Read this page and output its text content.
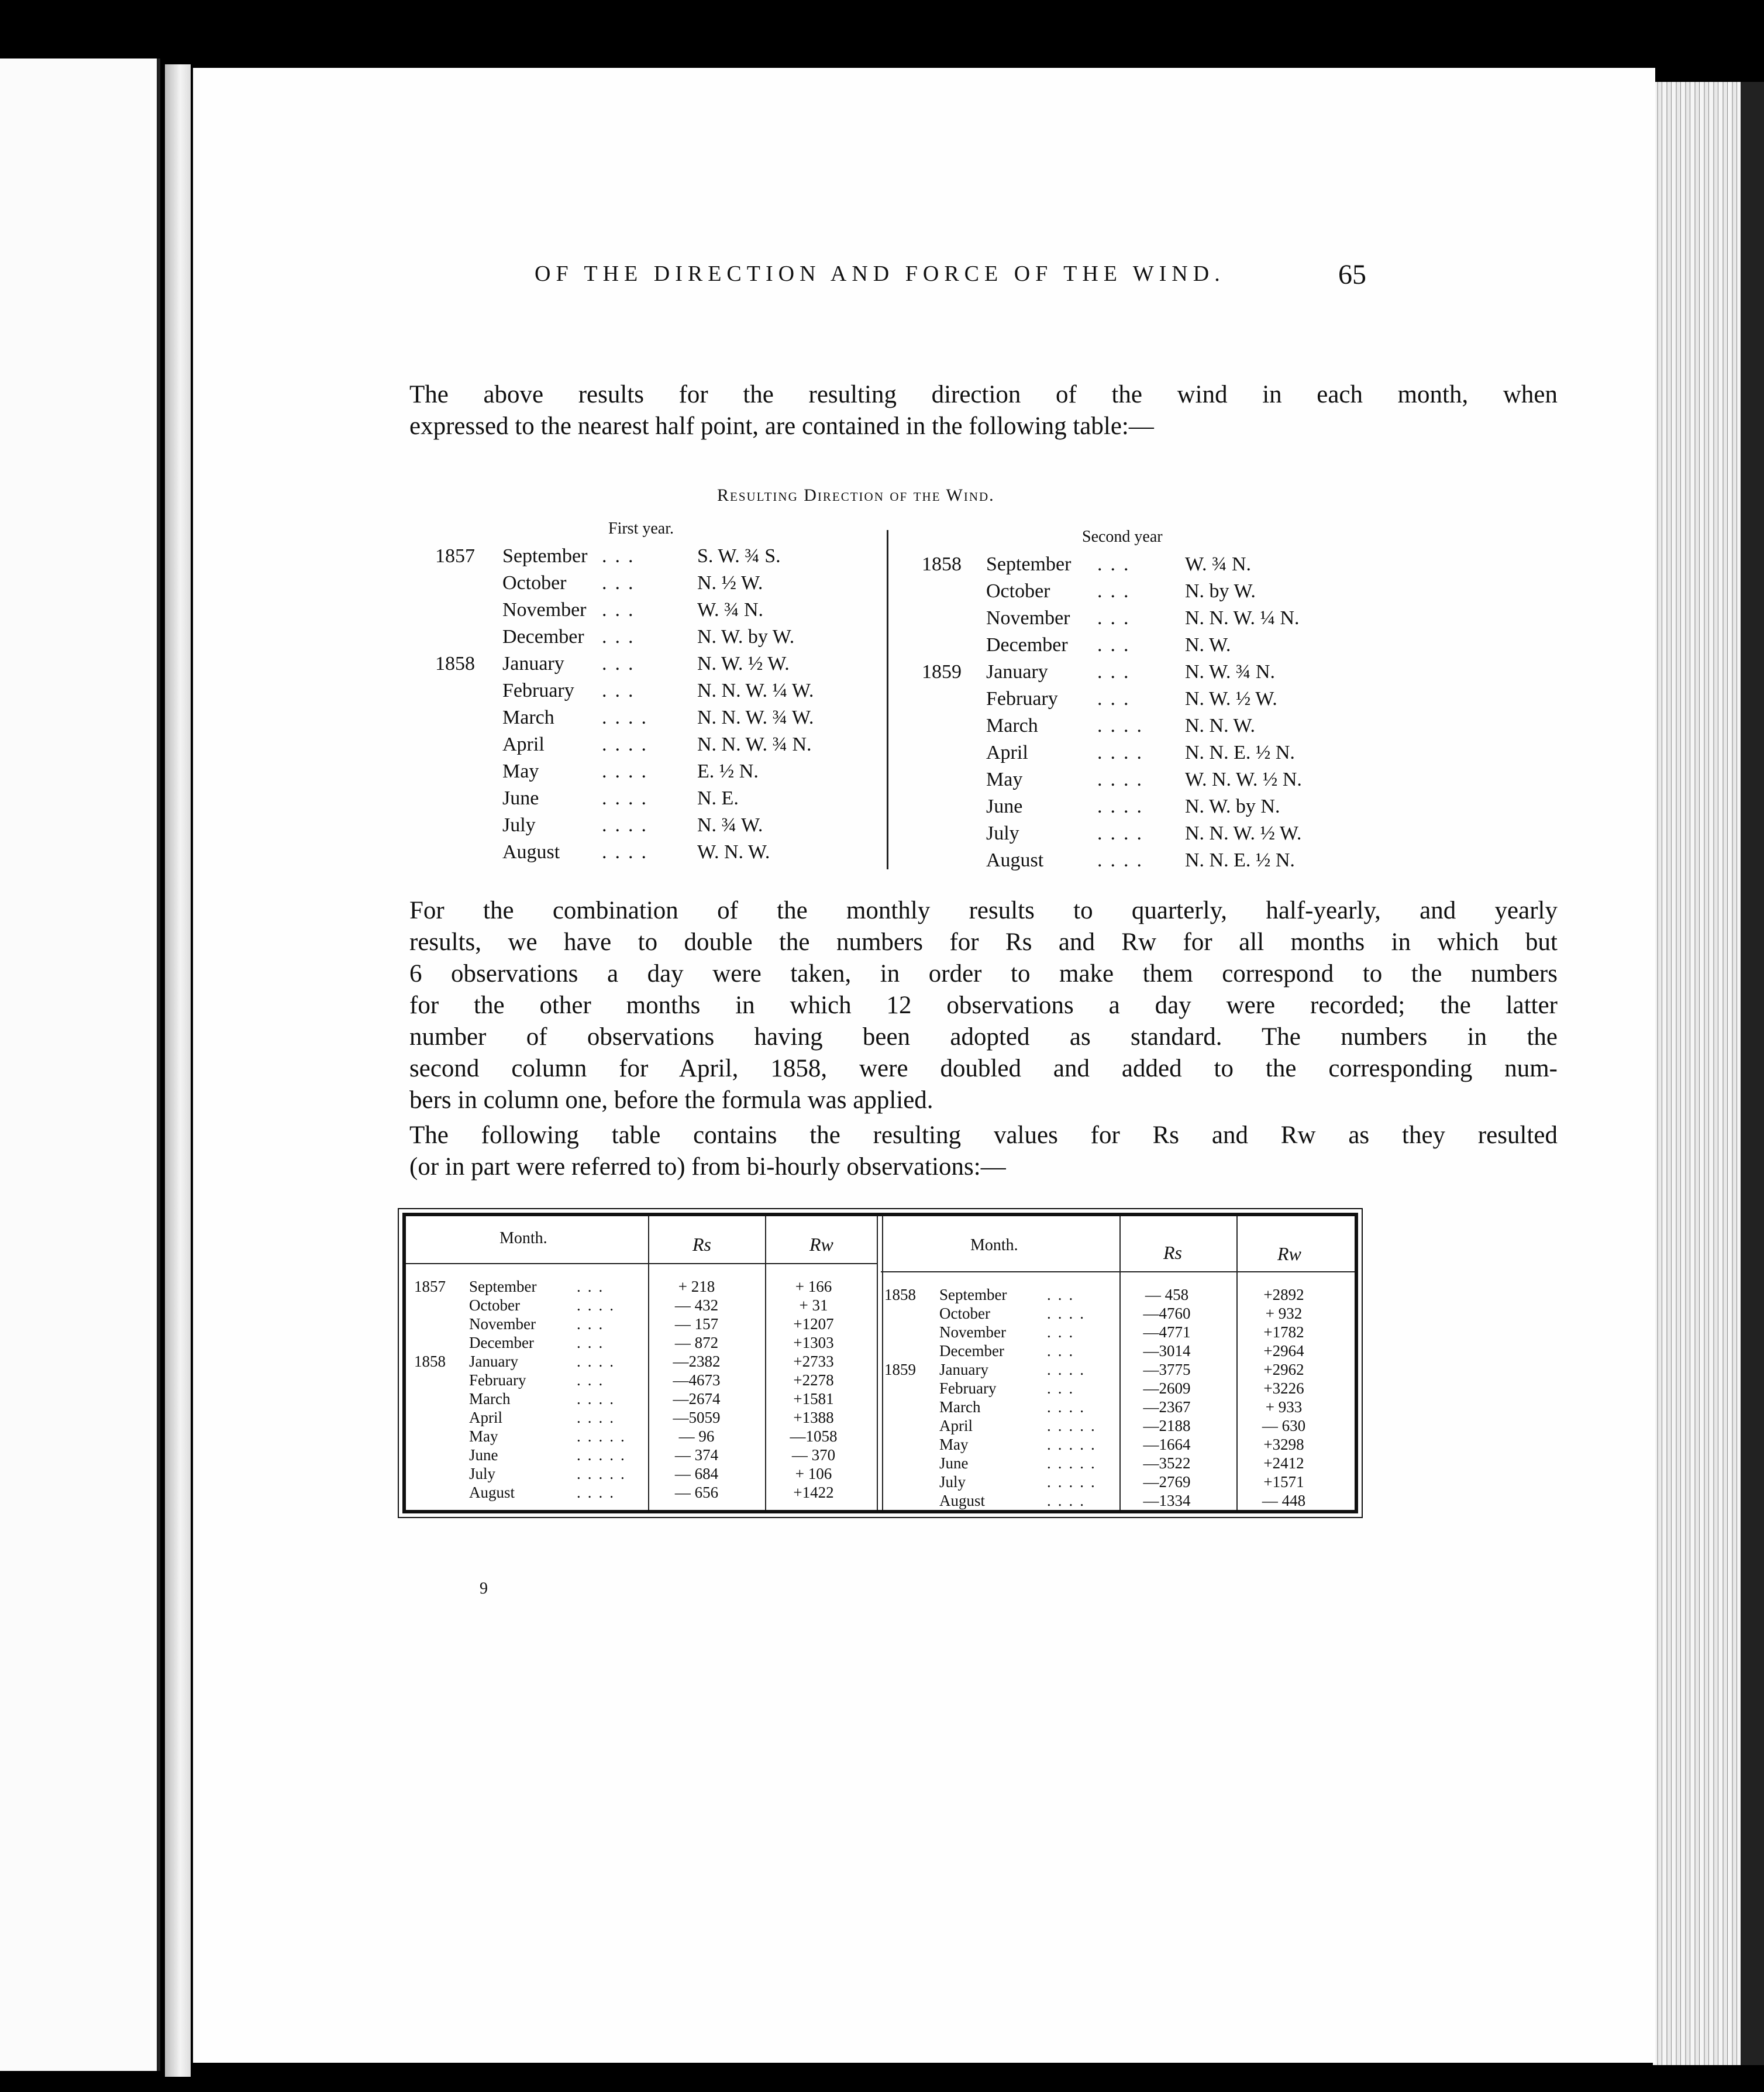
OF THE DIRECTION AND FORCE OF THE WIND.	65

The above results for the resulting direction of the wind in each month, when
expressed to the nearest half point, are contained in the following table:—

Resulting Direction of the Wind.
First year.	Second year
1857 September ...	S. W. ¾ S.
October ...	N. ½ W.
November ...	W. ¾ N.
December ...	N. W. by W.
1858 January ...	N. W. ½ W.
February ...	N. N. W. ¼ W.
March .... N. N. W. ¾ W.
April	.... N. N. W. ¾ N.
May	.... E. ½ N.
June	.... N. E.
July	.... N. ¾ W.
August .... W. N. W.
1858 September ... W. ¾ N.
October ... N. by W.
November ... N. N. W. ¼ N.
December ... N. W.
1859 January ... N. W. ¾ N.
February ... N. W. ½ W.
March	.... N. N. W.
April	.... N. N. E. ½ N.
May	.... W. N. W. ½ N.
June	.... N. W. by N.
July	.... N. N. W. ½ W.
August	.... N. N. E. ½ N.

For the combination of the monthly results to quarterly, half-yearly, and yearly
results, we have to double the numbers for Rs and Rw for all months in which but
6 observations a day were taken, in order to make them correspond to the numbers
for the other months in which 12 observations a day were recorded; the latter
number of observations having been adopted as standard. The numbers in the
second column for April, 1858, were doubled and added to the corresponding num-
bers in column one, before the formula was applied.

The following table contains the resulting values for Rs and Rw as they resulted
(or in part were referred to) from bi-hourly observations:—

Month.	Rs	Rw	Month.	Rs	Rw
1857 September	...	+ 218	+ 166
October	....	— 432	+ 31
November	...	— 157	+1207
December	...	— 872	+1303
1858 January	....	—2382	+2733
February	...	—4673	+2278
March	....	—2674	+1581
April	....	—5059	+1388
May	.....	— 96	—1058
June	.....	— 374	— 370
July	.....	— 684	+ 106
August	....	— 656	+1422
1858 September	...	— 458	+2892
October	....	—4760	+ 932
November	...	—4771	+1782
December	...	—3014	+2964
1859 January	....	—3775	+2962
February	...	—2609	+3226
March	....	—2367	+ 933
April	.....	—2188	— 630
May	.....	—1664	+3298
June	.....	—3522	+2412
July	.....	—2769	+1571
August	....	—1334	— 448
9
